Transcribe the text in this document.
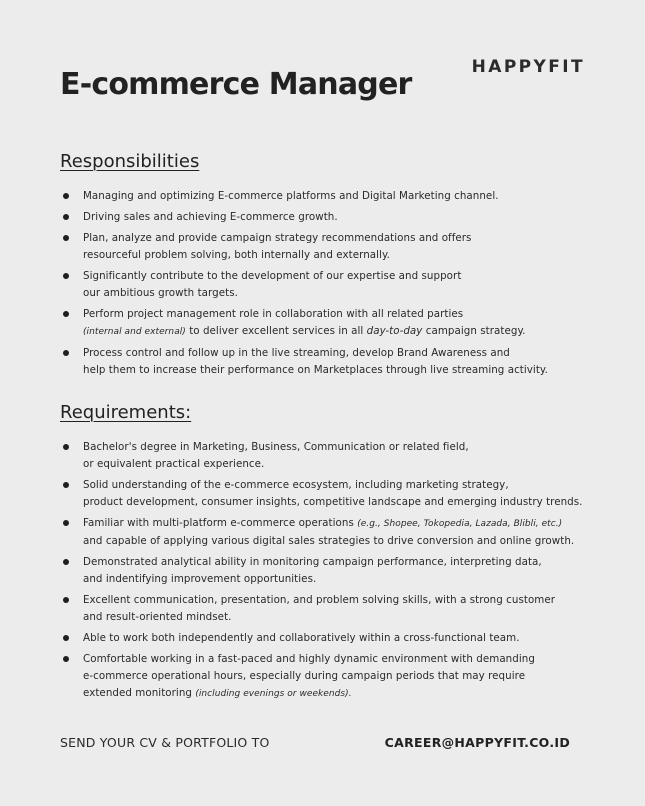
HAPPYFIT
E-commerce Manager
Responsibilities
Managing and optimizing E-commerce platforms and Digital Marketing channel.
Driving sales and achieving E-commerce growth.
Plan, analyze and provide campaign strategy recommendations and offers
resourceful problem solving, both internally and externally.
Significantly contribute to the development of our expertise and support
our ambitious growth targets.
Perform project management role in collaboration with all related parties
(internal and external) to deliver excellent services in all day-to-day campaign strategy.
Process control and follow up in the live streaming, develop Brand Awareness and
help them to increase their performance on Marketplaces through live streaming activity.
Requirements:
Bachelor's degree in Marketing, Business, Communication or related field,
or equivalent practical experience.
Solid understanding of the e-commerce ecosystem, including marketing strategy,
product development, consumer insights, competitive landscape and emerging industry trends.
Familiar with multi-platform e-commerce operations (e.g., Shopee, Tokopedia, Lazada, Blibli, etc.)
and capable of applying various digital sales strategies to drive conversion and online growth.
Demonstrated analytical ability in monitoring campaign performance, interpreting data,
and indentifying improvement opportunities.
Excellent communication, presentation, and problem solving skills, with a strong customer
and result-oriented mindset.
Able to work both independently and collaboratively within a cross-functional team.
Comfortable working in a fast-paced and highly dynamic environment with demanding
e-commerce operational hours, especially during campaign periods that may require
extended monitoring (including evenings or weekends).
SEND YOUR CV & PORTFOLIO TO	CAREER@HAPPYFIT.CO.ID
